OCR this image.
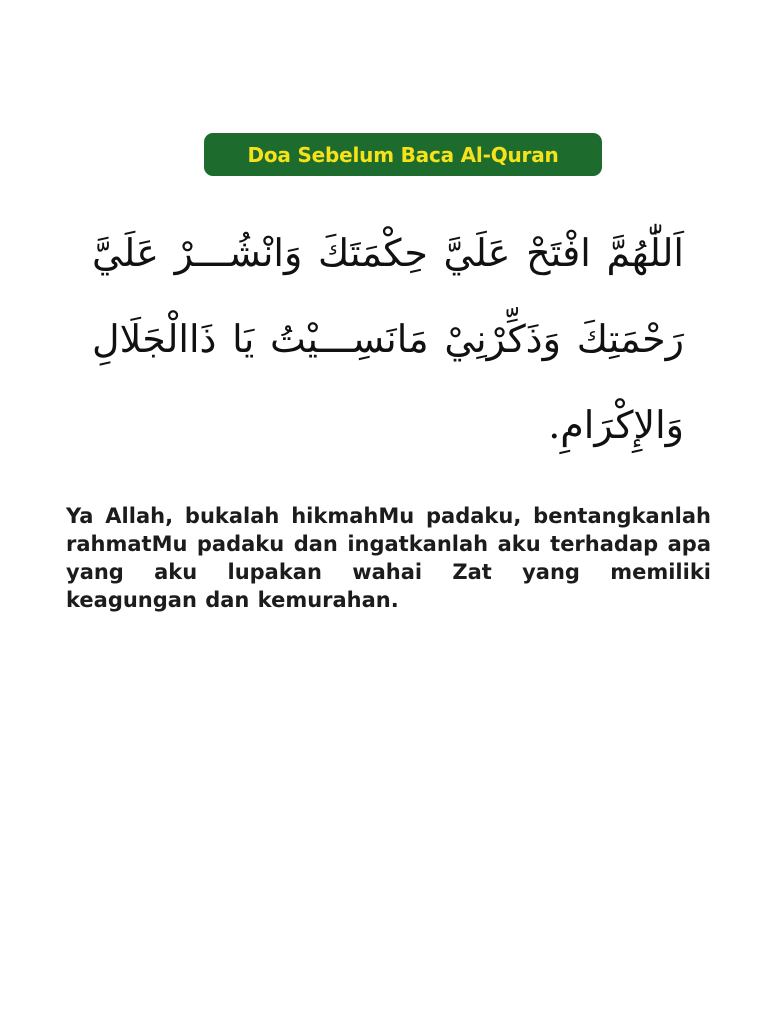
Doa Sebelum Baca Al-Quran
اَللّٰهُمَّ افْتَحْ عَلَيَّ حِكْمَتَكَ وَانْشُـــرْ عَلَيَّ رَحْمَتِكَ وَذَكِّرْنِيْ مَانَسِـــيْتُ يَا ذَاالْجَلَالِ وَالإِكْرَامِ.
Ya Allah, bukalah hikmahMu padaku, bentangkanlah rahmatMu padaku dan ingatkanlah aku terhadap apa yang aku lupakan wahai Zat yang memiliki keagungan dan kemurahan.
